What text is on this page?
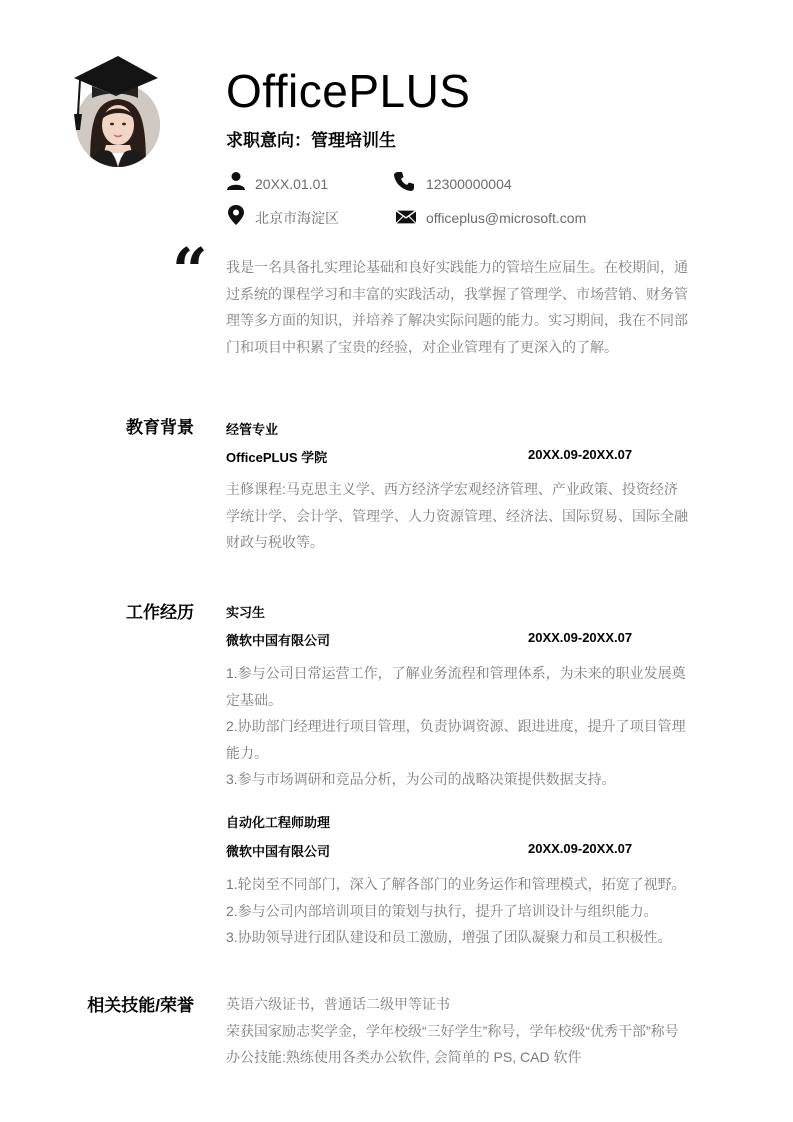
OfficePLUS
求职意向：管理培训生
20XX.01.01	12300000004
北京市海淀区	officeplus@microsoft.com
“ 我是一名具备扎实理论基础和良好实践能力的管培生应届生。在校期间，通
过系统的课程学习和丰富的实践活动，我掌握了管理学、市场营销、财务管
理等多方面的知识，并培养了解决实际问题的能力。实习期间，我在不同部
门和项目中积累了宝贵的经验，对企业管理有了更深入的了解。
教育背景 经管专业
OfficePLUS 学院	20XX.09-20XX.07
主修课程:马克思主义学、西方经济学宏观经济管理、产业政策、投资经济
学统计学、会计学、管理学、人力资源管理、经济法、国际贸易、国际全融
财政与税收等。
工作经历 实习生
微软中国有限公司	20XX.09-20XX.07
1.参与公司日常运营工作，了解业务流程和管理体系，为未来的职业发展奠
定基础。
2.协助部门经理进行项目管理，负责协调资源、跟进进度，提升了项目管理
能力。
3.参与市场调研和竞品分析，为公司的战略决策提供数据支持。
自动化工程师助理
微软中国有限公司	20XX.09-20XX.07
1.轮岗至不同部门，深入了解各部门的业务运作和管理模式，拓宽了视野。
2.参与公司内部培训项目的策划与执行，提升了培训设计与组织能力。
3.协助领导进行团队建设和员工激励，增强了团队凝聚力和员工积极性。
相关技能/荣誉 英语六级证书，普通话二级甲等证书
荣获国家励志奖学金，学年校级“三好学生”称号，学年校级“优秀干部”称号
办公技能:熟练使用各类办公软件, 会简单的 PS, CAD 软件
